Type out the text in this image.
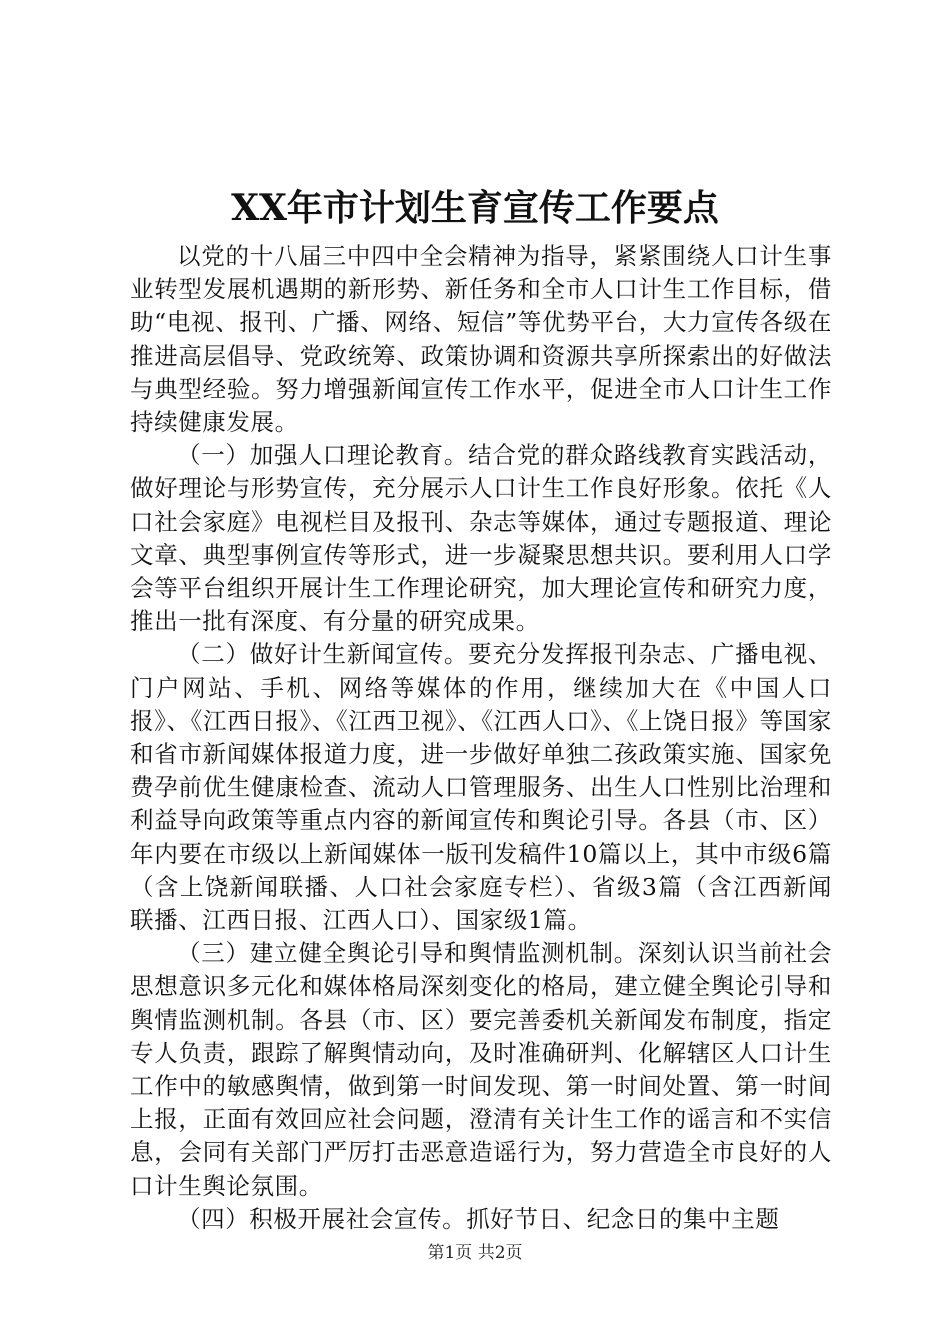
XX年市计划生育宣传工作要点

以党的十八届三中四中全会精神为指导，紧紧围绕人口计生事业转型发展机遇期的新形势、新任务和全市人口计生工作目标，借助“电视、报刊、广播、网络、短信”等优势平台，大力宣传各级在推进高层倡导、党政统筹、政策协调和资源共享所探索出的好做法与典型经验。努力增强新闻宣传工作水平，促进全市人口计生工作持续健康发展。

（一）加强人口理论教育。结合党的群众路线教育实践活动，做好理论与形势宣传，充分展示人口计生工作良好形象。依托《人口社会家庭》电视栏目及报刊、杂志等媒体，通过专题报道、理论文章、典型事例宣传等形式，进一步凝聚思想共识。要利用人口学会等平台组织开展计生工作理论研究，加大理论宣传和研究力度，推出一批有深度、有分量的研究成果。

（二）做好计生新闻宣传。要充分发挥报刊杂志、广播电视、门户网站、手机、网络等媒体的作用，继续加大在《中国人口报》、《江西日报》、《江西卫视》、《江西人口》、《上饶日报》等国家和省市新闻媒体报道力度，进一步做好单独二孩政策实施、国家免费孕前优生健康检查、流动人口管理服务、出生人口性别比治理和利益导向政策等重点内容的新闻宣传和舆论引导。各县（市、区）年内要在市级以上新闻媒体一版刊发稿件10篇以上，其中市级6篇（含上饶新闻联播、人口社会家庭专栏）、省级3篇（含江西新闻联播、江西日报、江西人口）、国家级1篇。

（三）建立健全舆论引导和舆情监测机制。深刻认识当前社会思想意识多元化和媒体格局深刻变化的格局，建立健全舆论引导和舆情监测机制。各县（市、区）要完善委机关新闻发布制度，指定专人负责，跟踪了解舆情动向，及时准确研判、化解辖区人口计生工作中的敏感舆情，做到第一时间发现、第一时间处置、第一时间上报，正面有效回应社会问题，澄清有关计生工作的谣言和不实信息，会同有关部门严厉打击恶意造谣行为，努力营造全市良好的人口计生舆论氛围。

（四）积极开展社会宣传。抓好节日、纪念日的集中主题

第1页 共2页
